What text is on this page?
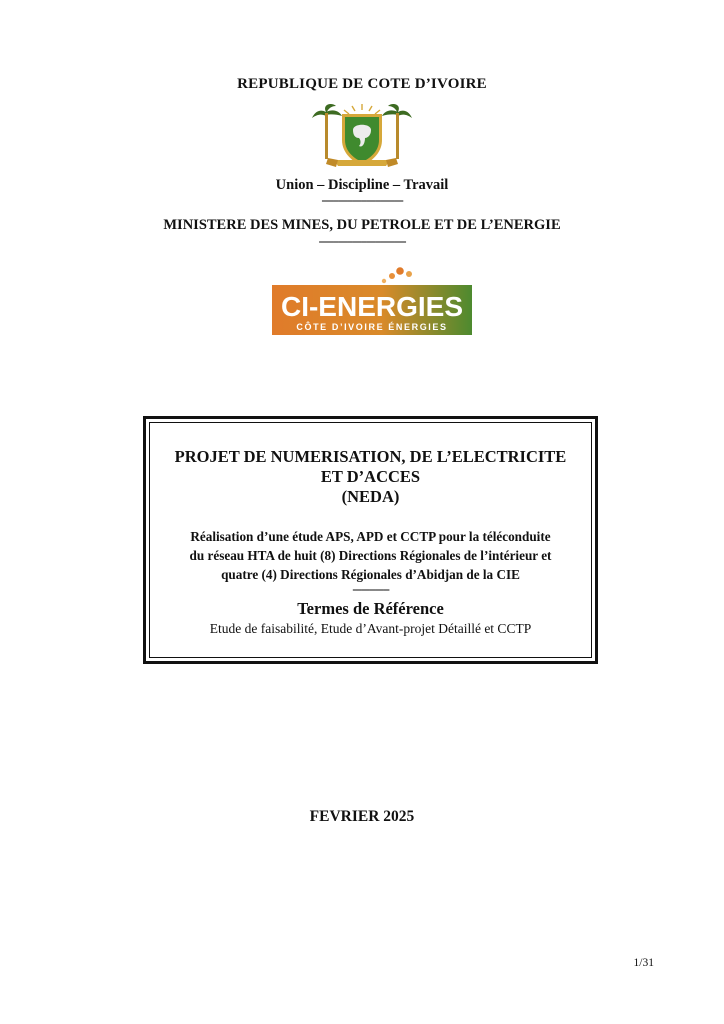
REPUBLIQUE DE COTE D’IVOIRE
Union – Discipline – Travail
-----------------------------
MINISTERE DES MINES, DU PETROLE ET DE L’ENERGIE
-------------------------------
CI-ENERGIES
CÔTE D’IVOIRE ÉNERGIES
PROJET DE NUMERISATION, DE L’ELECTRICITE
ET D’ACCES
(NEDA)
Réalisation d’une étude APS, APD et CCTP pour la téléconduite
du réseau HTA de huit (8) Directions Régionales de l’intérieur et
quatre (4) Directions Régionales d’Abidjan de la CIE
-------------
Termes de Référence
Etude de faisabilité, Etude d’Avant-projet Détaillé et CCTP
FEVRIER 2025
1/31
